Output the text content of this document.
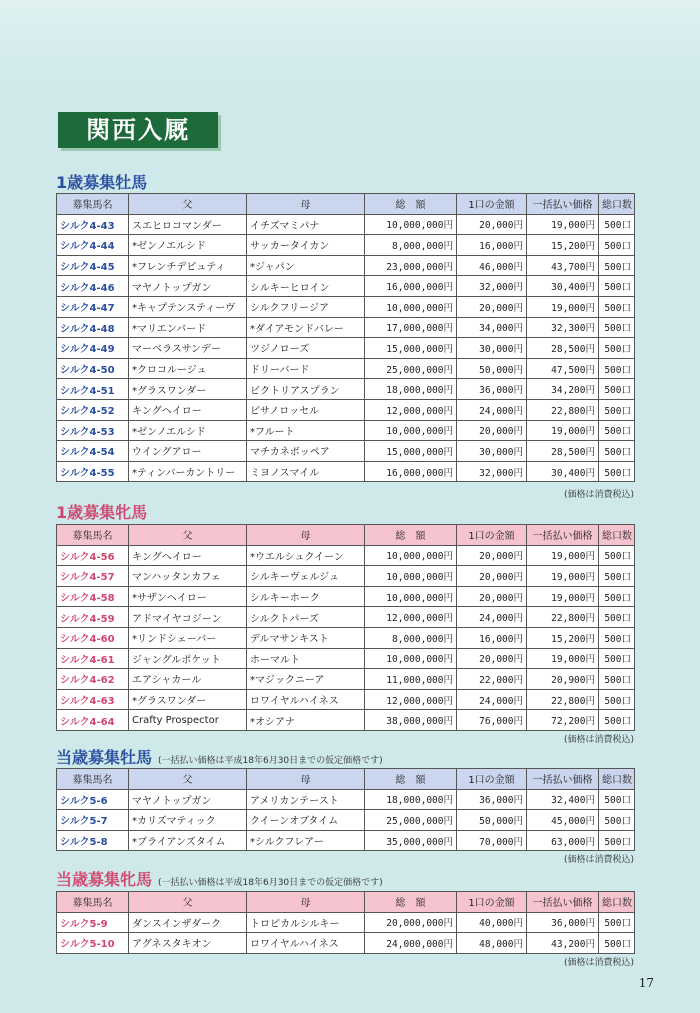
関西入厩
1歳募集牡馬
募集馬名	父	母	総　額	1口の金額	一括払い価格	総口数
シルク4-43	スエヒロコマンダー	イチズマミパナ	10,000,000円	20,000円	19,000円	500口
シルク4-44	*ゼンノエルシド	サッカータイカン	8,000,000円	16,000円	15,200円	500口
シルク4-45	*フレンチデピュティ	*ジャパン	23,000,000円	46,000円	43,700円	500口
シルク4-46	マヤノトップガン	シルキーヒロイン	16,000,000円	32,000円	30,400円	500口
シルク4-47	*キャプテンスティーヴ	シルクフリージア	10,000,000円	20,000円	19,000円	500口
シルク4-48	*マリエンバード	*ダイアモンドバレー	17,000,000円	34,000円	32,300円	500口
シルク4-49	マーベラスサンデー	ツジノローズ	15,000,000円	30,000円	28,500円	500口
シルク4-50	*クロコルージュ	ドリーバード	25,000,000円	50,000円	47,500円	500口
シルク4-51	*グラスワンダー	ビクトリアスプラン	18,000,000円	36,000円	34,200円	500口
シルク4-52	キングヘイロー	ビサノロッセル	12,000,000円	24,000円	22,800円	500口
シルク4-53	*ゼンノエルシド	*フルート	10,000,000円	20,000円	19,000円	500口
シルク4-54	ウイングアロー	マチカネボッペア	15,000,000円	30,000円	28,500円	500口
シルク4-55	*ティンバーカントリー	ミヨノスマイル	16,000,000円	32,000円	30,400円	500口
(価格は消費税込)
1歳募集牝馬
募集馬名	父	母	総　額	1口の金額	一括払い価格	総口数
シルク4-56	キングヘイロー	*ウエルシュクイーン	10,000,000円	20,000円	19,000円	500口
シルク4-57	マンハッタンカフェ	シルキーヴェルジュ	10,000,000円	20,000円	19,000円	500口
シルク4-58	*サザンヘイロー	シルキーホーク	10,000,000円	20,000円	19,000円	500口
シルク4-59	アドマイヤコジーン	シルクトパーズ	12,000,000円	24,000円	22,800円	500口
シルク4-60	*リンドシェーバー	デルマサンキスト	8,000,000円	16,000円	15,200円	500口
シルク4-61	ジャングルポケット	ホーマルト	10,000,000円	20,000円	19,000円	500口
シルク4-62	エアシャカール	*マジックニーア	11,000,000円	22,000円	20,900円	500口
シルク4-63	*グラスワンダー	ロワイヤルハイネス	12,000,000円	24,000円	22,800円	500口
シルク4-64	Crafty Prospector	*オシアナ	38,000,000円	76,000円	72,200円	500口
(価格は消費税込)
当歳募集牡馬 (一括払い価格は平成18年6月30日までの仮定価格です)
募集馬名	父	母	総　額	1口の金額	一括払い価格	総口数
シルク5-6	マヤノトップガン	アメリカンテースト	18,000,000円	36,000円	32,400円	500口
シルク5-7	*カリズマティック	クイーンオブタイム	25,000,000円	50,000円	45,000円	500口
シルク5-8	*ブライアンズタイム	*シルクフレアー	35,000,000円	70,000円	63,000円	500口
(価格は消費税込)
当歳募集牝馬 (一括払い価格は平成18年6月30日までの仮定価格です)
募集馬名	父	母	総　額	1口の金額	一括払い価格	総口数
シルク5-9	ダンスインザダーク	トロピカルシルキー	20,000,000円	40,000円	36,000円	500口
シルク5-10	アグネスタキオン	ロワイヤルハイネス	24,000,000円	48,000円	43,200円	500口
(価格は消費税込)
17
